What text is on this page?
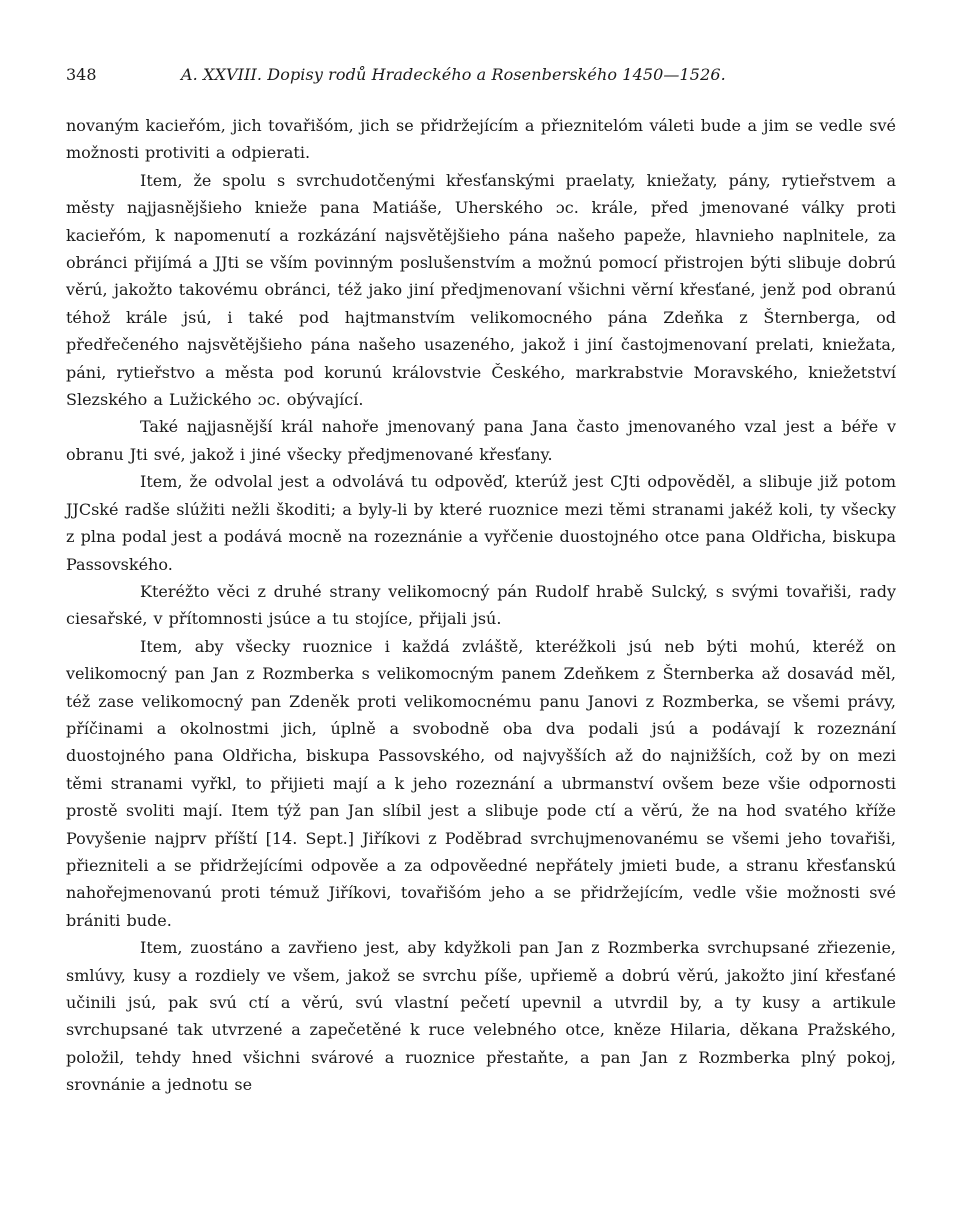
348	A. XXVIII. Dopisy rodů Hradeckého a Rosenberského 1450—1526.

novaným kacieřóm, jich tovařišóm, jich se přidržejícím a přieznitelóm váleti bude a jim se vedle své možnosti protiviti a odpierati.

Item, že spolu s svrchudotčenými křesťanskými praelaty, kniežaty, pány, rytieřstvem a městy najjasnějšieho knieže pana Matiáše, Uherského ɔc. krále, před jmenované války proti kacieřóm, k napomenutí a rozkázání najsvětějšieho pána našeho papeže, hlavnieho naplnitele, za obránci přijímá a JJti se vším povinným poslušenstvím a možnú pomocí přistrojen býti slibuje dobrú věrú, jakožto takovému obránci, též jako jiní předjmenovaní všichni věrní křesťané, jenž pod obranú téhož krále jsú, i také pod hajtmanstvím velikomocného pána Zdeňka z Šternberga, od předřečeného najsvětějšieho pána našeho usazeného, jakož i jiní častojmenovaní prelati, kniežata, páni, rytieřstvo a města pod korunú královstvie Českého, markrabstvie Moravského, kniežetství Slezského a Lužického ɔc. obývající.

Také najjasnější král nahoře jmenovaný pana Jana často jmenovaného vzal jest a béře v obranu Jti své, jakož i jiné všecky předjmenované křesťany.

Item, že odvolal jest a odvolává tu odpověď, kterúž jest CJti odpověděl, a slibuje již potom JJCské radše slúžiti nežli škoditi; a byly-li by které ruoznice mezi těmi stranami jakéž koli, ty všecky z plna podal jest a podává mocně na rozeznánie a vyřčenie duostojného otce pana Oldřicha, biskupa Passovského.

Kteréžto věci z druhé strany velikomocný pán Rudolf hrabě Sulcký, s svými tovařiši, rady ciesařské, v přítomnosti jsúce a tu stojíce, přijali jsú.

Item, aby všecky ruoznice i každá zvláště, kteréžkoli jsú neb býti mohú, kteréž on velikomocný pan Jan z Rozmberka s velikomocným panem Zdeňkem z Šternberka až dosavád měl, též zase velikomocný pan Zdeněk proti velikomocnému panu Janovi z Rozmberka, se všemi právy, příčinami a okolnostmi jich, úplně a svobodně oba dva podali jsú a podávají k rozeznání duostojného pana Oldřicha, biskupa Passovského, od najvyšších až do najnižších, což by on mezi těmi stranami vyřkl, to přijieti mají a k jeho rozeznání a ubrmanství ovšem beze všie odpornosti prostě svoliti mají. Item týž pan Jan slíbil jest a slibuje pode ctí a věrú, že na hod svatého kříže Povyšenie najprv příští [14. Sept.] Jiříkovi z Poděbrad svrchujmenovanému se všemi jeho tovařiši, přiezniteli a se přidržejícími odpověe a za odpověedné nepřátely jmieti bude, a stranu křesťanskú nahořejmenovanú proti témuž Jiříkovi, tovařišóm jeho a se přidržejícím, vedle všie možnosti své brániti bude.

Item, zuostáno a zavřieno jest, aby kdyžkoli pan Jan z Rozmberka svrchupsané zřiezenie, smlúvy, kusy a rozdiely ve všem, jakož se svrchu píše, upřiemě a dobrú věrú, jakožto jiní křesťané učinili jsú, pak svú ctí a věrú, svú vlastní pečetí upevnil a utvrdil by, a ty kusy a artikule svrchupsané tak utvrzené a zapečetěné k ruce velebného otce, kněze Hilaria, děkana Pražského, položil, tehdy hned všichni svárové a ruoznice přestaňte, a pan Jan z Rozmberka plný pokoj, srovnánie a jednotu se
